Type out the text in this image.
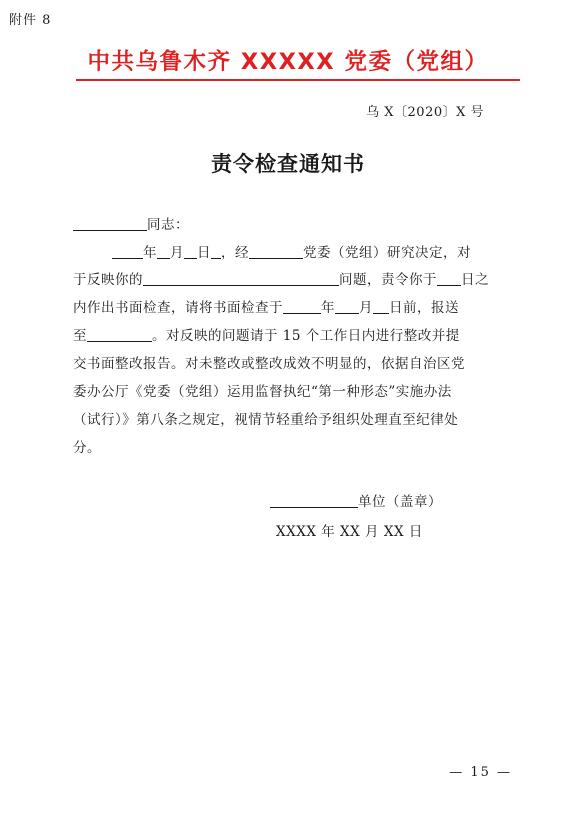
附件 8
中共乌鲁木齐 XXXXX 党委（党组）
乌 X〔2020〕X 号
责令检查通知书
同志：
年 月 日 ，经	党委（党组）研究决定，对
于反映你的	问题，责令你于 日之
内作出书面检查，请将书面检查于	年 月 日前，报送
至	。对反映的问题请于 15 个工作日内进行整改并提
交书面整改报告。对未整改或整改成效不明显的，依据自治区党
委办公厅《党委（党组）运用监督执纪“第一种形态”实施办法
（试行）》第八条之规定，视情节轻重给予组织处理直至纪律处
分。
单位（盖章）
XXXX 年 XX 月 XX 日
— 15 —
